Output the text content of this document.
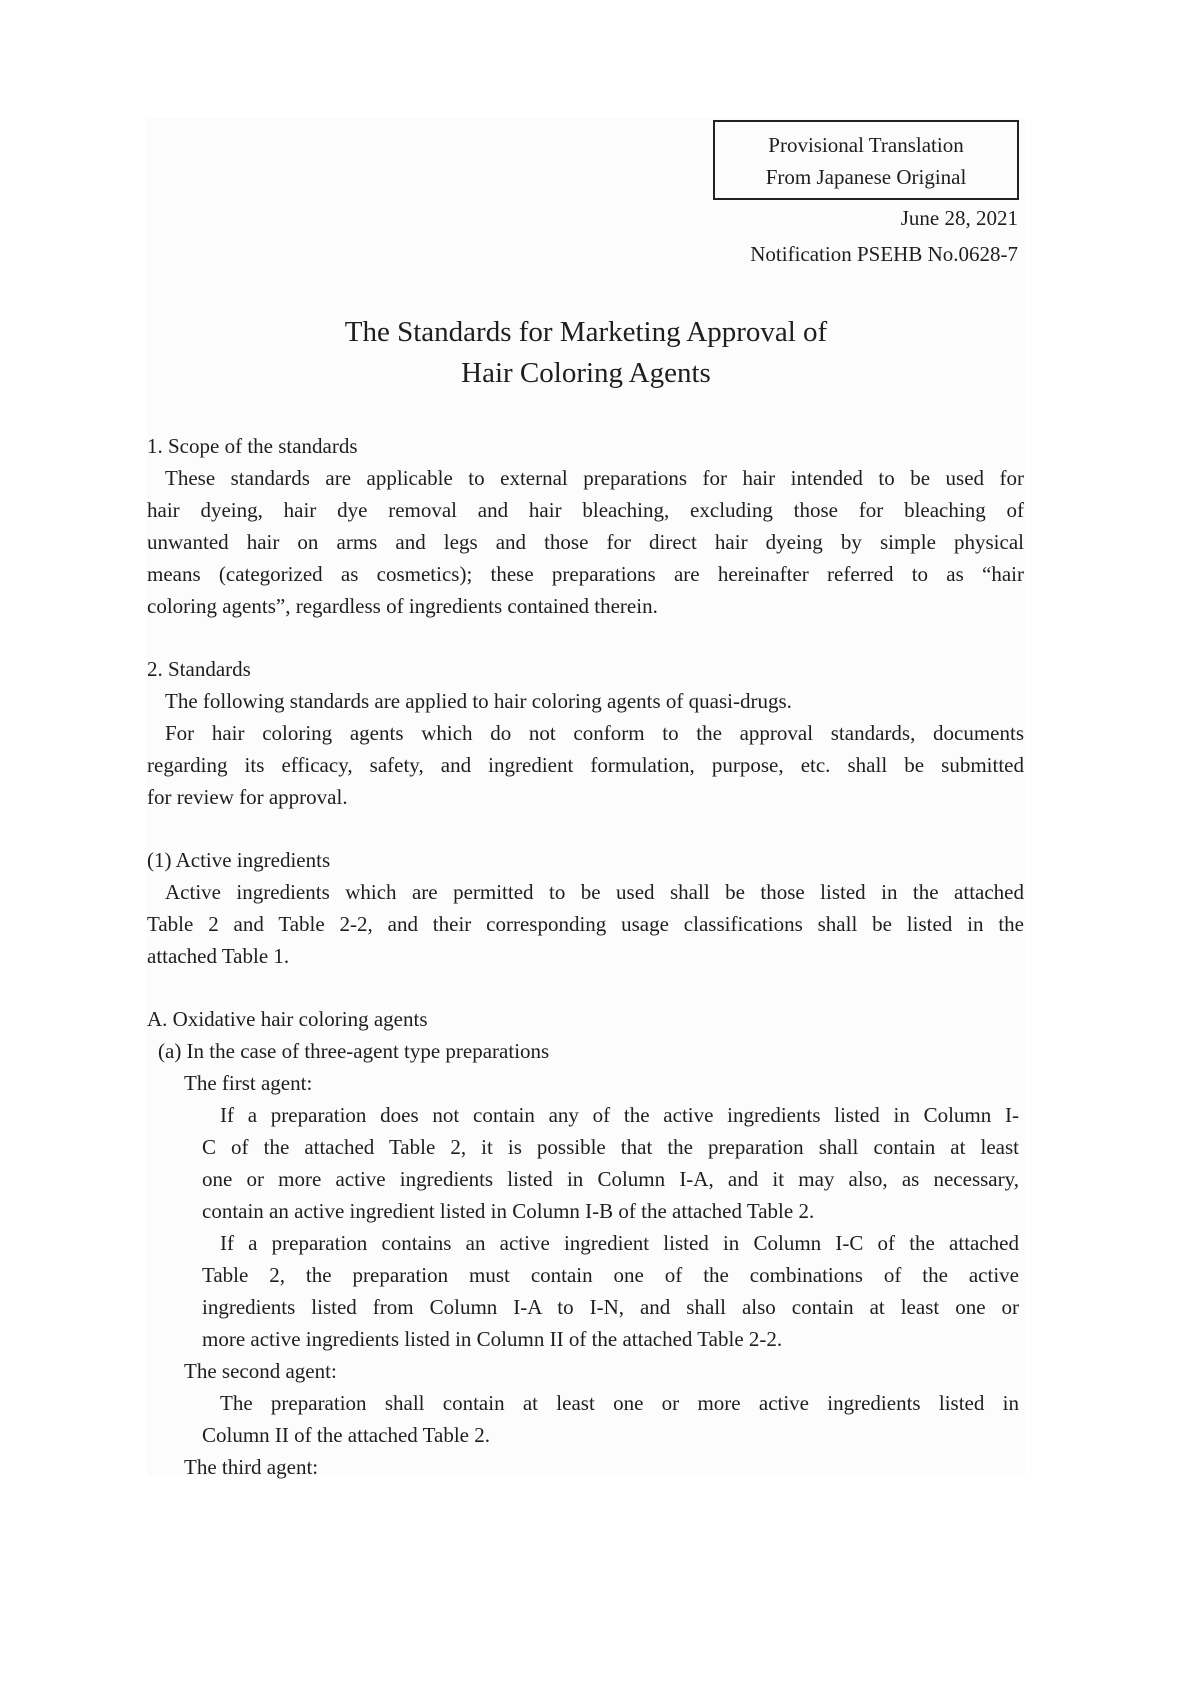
Provisional Translation
From Japanese Original
June 28, 2021
Notification PSEHB No.0628-7
The Standards for Marketing Approval of
Hair Coloring Agents
1. Scope of the standards
These standards are applicable to external preparations for hair intended to be used for
hair dyeing, hair dye removal and hair bleaching, excluding those for bleaching of
unwanted hair on arms and legs and those for direct hair dyeing by simple physical
means (categorized as cosmetics); these preparations are hereinafter referred to as “hair
coloring agents”, regardless of ingredients contained therein.
2. Standards
The following standards are applied to hair coloring agents of quasi-drugs.
For hair coloring agents which do not conform to the approval standards, documents
regarding its efficacy, safety, and ingredient formulation, purpose, etc. shall be submitted
for review for approval.
(1) Active ingredients
Active ingredients which are permitted to be used shall be those listed in the attached
Table 2 and Table 2-2, and their corresponding usage classifications shall be listed in the
attached Table 1.
A. Oxidative hair coloring agents
(a) In the case of three-agent type preparations
The first agent:
If a preparation does not contain any of the active ingredients listed in Column I-
C of the attached Table 2, it is possible that the preparation shall contain at least
one or more active ingredients listed in Column I-A, and it may also, as necessary,
contain an active ingredient listed in Column I-B of the attached Table 2.
If a preparation contains an active ingredient listed in Column I-C of the attached
Table 2, the preparation must contain one of the combinations of the active
ingredients listed from Column I-A to I-N, and shall also contain at least one or
more active ingredients listed in Column II of the attached Table 2-2.
The second agent:
The preparation shall contain at least one or more active ingredients listed in
Column II of the attached Table 2.
The third agent:
